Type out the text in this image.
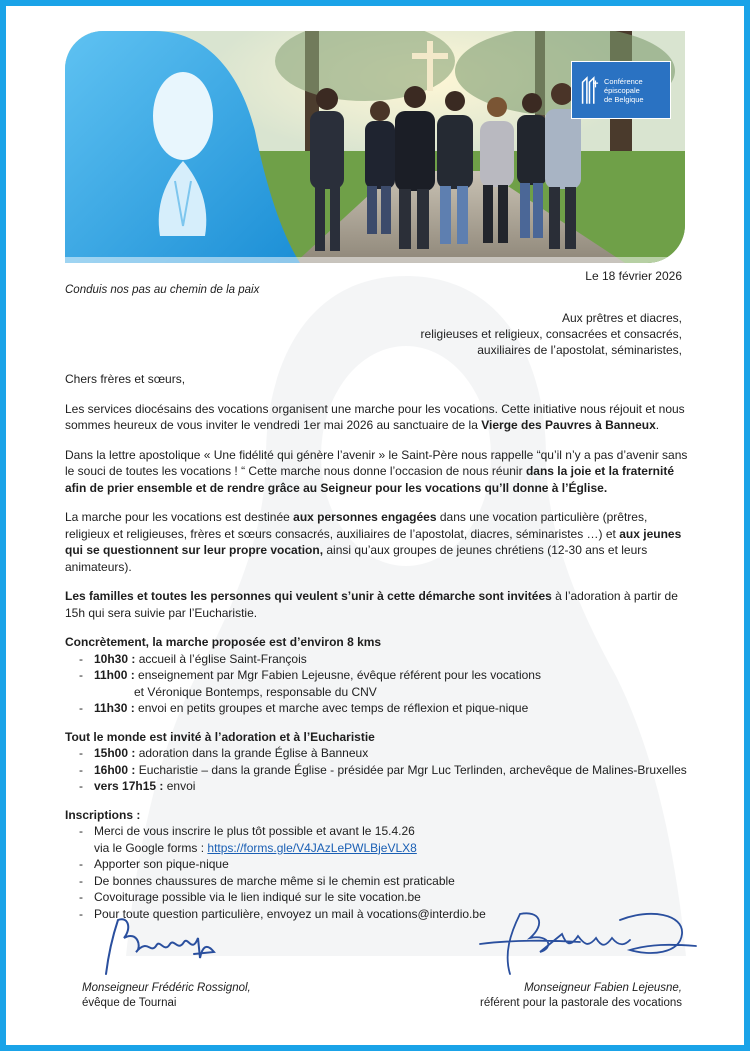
Conférence épiscopale
de Belgique
Le 18 février 2026
Conduis nos pas au chemin de la paix
Aux prêtres et diacres,
religieuses et religieux, consacrées et consacrés,
auxiliaires de l’apostolat, séminaristes,

Chers frères et sœurs,

Les services diocésains des vocations organisent une marche pour les vocations. Cette initiative nous réjouit et nous sommes heureux de vous inviter le vendredi 1er mai 2026 au sanctuaire de la Vierge des Pauvres à Banneux.

Dans la lettre apostolique « Une fidélité qui génère l’avenir » le Saint-Père nous rappelle “qu’il n’y a pas d’avenir sans le souci de toutes les vocations ! “ Cette marche nous donne l’occasion de nous réunir dans la joie et la fraternité afin de prier ensemble et de rendre grâce au Seigneur pour les vocations qu’Il donne à l’Église.

La marche pour les vocations est destinée aux personnes engagées dans une vocation particulière (prêtres, religieux et religieuses, frères et sœurs consacrés, auxiliaires de l’apostolat, diacres, séminaristes …) et aux jeunes qui se questionnent sur leur propre vocation, ainsi qu’aux groupes de jeunes chrétiens (12-30 ans et leurs animateurs).

Les familles et toutes les personnes qui veulent s’unir à cette démarche sont invitées à l’adoration à partir de 15h qui sera suivie par l’Eucharistie.

Concrètement, la marche proposée est d’environ 8 kms
- 10h30 : accueil à l’église Saint-François
- 11h00 : enseignement par Mgr Fabien Lejeusne, évêque référent pour les vocations
et Véronique Bontemps, responsable du CNV
- 11h30 : envoi en petits groupes et marche avec temps de réflexion et pique-nique
Tout le monde est invité à l’adoration et à l’Eucharistie
- 15h00 : adoration dans la grande Église à Banneux
- 16h00 : Eucharistie – dans la grande Église - présidée par Mgr Luc Terlinden, archevêque de Malines-Bruxelles
- vers 17h15 : envoi
Inscriptions :
- Merci de vous inscrire le plus tôt possible et avant le 15.4.26
via le Google forms : https://forms.gle/V4JAzLePWLBjeVLX8
- Apporter son pique-nique
- De bonnes chaussures de marche même si le chemin est praticable
- Covoiturage possible via le lien indiqué sur le site vocation.be
- Pour toute question particulière, envoyez un mail à vocations@interdio.be
Monseigneur Frédéric Rossignol,
évêque de Tournai
Monseigneur Fabien Lejeusne,
référent pour la pastorale des vocations
